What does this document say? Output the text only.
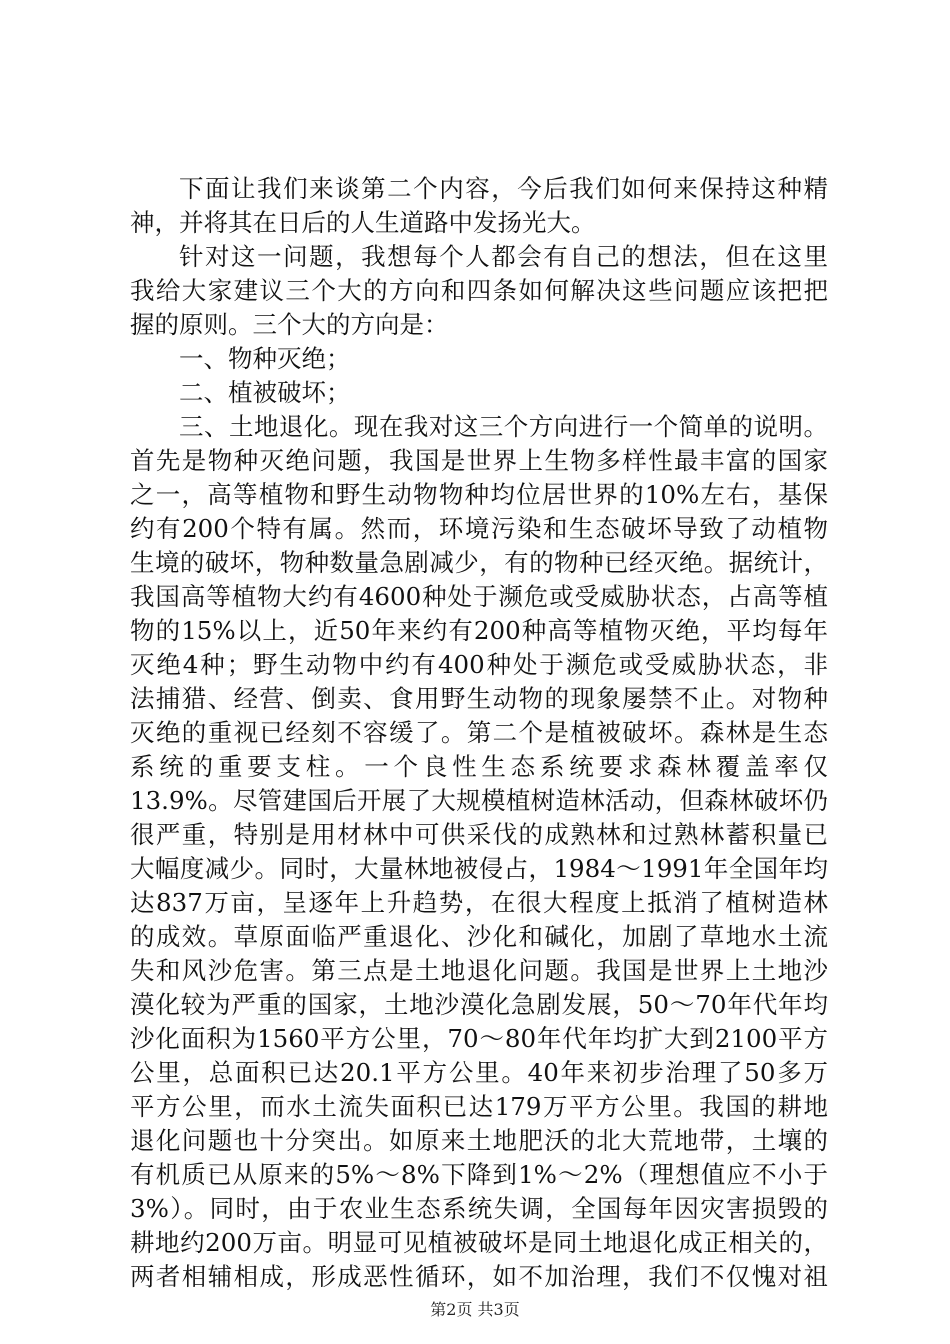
下面让我们来谈第二个内容，今后我们如何来保持这种精
神，并将其在日后的人生道路中发扬光大。
针对这一问题，我想每个人都会有自己的想法，但在这里
我给大家建议三个大的方向和四条如何解决这些问题应该把把
握的原则。三个大的方向是：
一、物种灭绝；
二、植被破坏；
三、土地退化。现在我对这三个方向进行一个简单的说明。
首先是物种灭绝问题，我国是世界上生物多样性最丰富的国家
之一，高等植物和野生动物物种均位居世界的10%左右，基保
约有200个特有属。然而，环境污染和生态破坏导致了动植物
生境的破坏，物种数量急剧减少，有的物种已经灭绝。据统计，
我国高等植物大约有4600种处于濒危或受威胁状态，占高等植
物的15%以上，近50年来约有200种高等植物灭绝，平均每年
灭绝4种；野生动物中约有400种处于濒危或受威胁状态，非
法捕猎、经营、倒卖、食用野生动物的现象屡禁不止。对物种
灭绝的重视已经刻不容缓了。第二个是植被破坏。森林是生态
系统的重要支柱。一个良性生态系统要求森林覆盖率仅
13.9%。尽管建国后开展了大规模植树造林活动，但森林破坏仍
很严重，特别是用材林中可供采伐的成熟林和过熟林蓄积量已
大幅度减少。同时，大量林地被侵占，1984～1991年全国年均
达837万亩，呈逐年上升趋势，在很大程度上抵消了植树造林
的成效。草原面临严重退化、沙化和碱化，加剧了草地水土流
失和风沙危害。第三点是土地退化问题。我国是世界上土地沙
漠化较为严重的国家，土地沙漠化急剧发展，50～70年代年均
沙化面积为1560平方公里，70～80年代年均扩大到2100平方
公里，总面积已达20.1平方公里。40年来初步治理了50多万
平方公里，而水土流失面积已达179万平方公里。我国的耕地
退化问题也十分突出。如原来土地肥沃的北大荒地带，土壤的
有机质已从原来的5%～8%下降到1%～2%（理想值应不小于
3%）。同时，由于农业生态系统失调，全国每年因灾害损毁的
耕地约200万亩。明显可见植被破坏是同土地退化成正相关的，
两者相辅相成，形成恶性循环，如不加治理，我们不仅愧对祖
第2页 共3页
